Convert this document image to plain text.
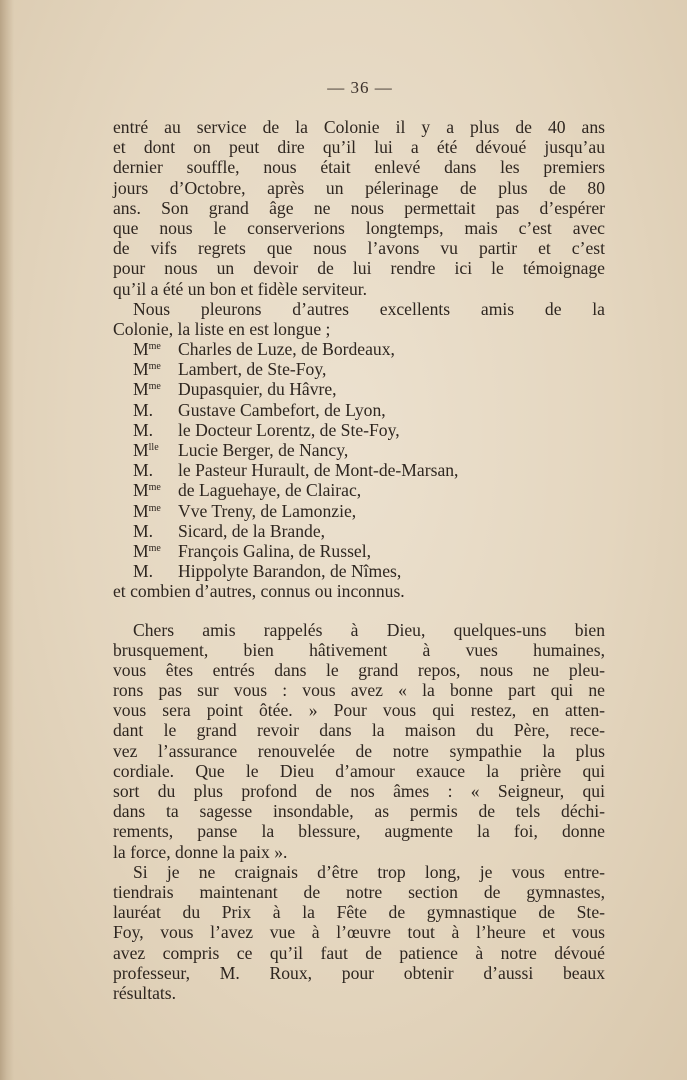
— 36 —
entré au service de la Colonie il y a plus de 40 ans
et dont on peut dire qu’il lui a été dévoué jusqu’au
dernier souffle, nous était enlevé dans les premiers
jours d’Octobre, après un pélerinage de plus de 80
ans. Son grand âge ne nous permettait pas d’espérer
que nous le conserverions longtemps, mais c’est avec
de vifs regrets que nous l’avons vu partir et c’est
pour nous un devoir de lui rendre ici le témoignage
qu’il a été un bon et fidèle serviteur.
Nous pleurons d’autres excellents amis de la
Colonie, la liste en est longue ;
$M^{me}$ Charles de Luze, de Bordeaux,
$M^{me}$ Lambert, de Ste-Foy,
$M^{me}$ Dupasquier, du Hâvre,
M. Gustave Cambefort, de Lyon,
M. le Docteur Lorentz, de Ste-Foy,
$M^{lle}$ Lucie Berger, de Nancy,
M. le Pasteur Hurault, de Mont-de-Marsan,
$M^{me}$ de Laguehaye, de Clairac,
$M^{me}$ Vve Treny, de Lamonzie,
M. Sicard, de la Brande,
$M^{me}$ François Galina, de Russel,
M. Hippolyte Barandon, de Nîmes,
et combien d’autres, connus ou inconnus.
Chers amis rappelés à Dieu, quelques-uns bien
brusquement, bien hâtivement à vues humaines,
vous êtes entrés dans le grand repos, nous ne pleu-
rons pas sur vous : vous avez « la bonne part qui ne
vous sera point ôtée. » Pour vous qui restez, en atten-
dant le grand revoir dans la maison du Père, rece-
vez l’assurance renouvelée de notre sympathie la plus
cordiale. Que le Dieu d’amour exauce la prière qui
sort du plus profond de nos âmes : « Seigneur, qui
dans ta sagesse insondable, as permis de tels déchi-
rements, panse la blessure, augmente la foi, donne
la force, donne la paix ».
Si je ne craignais d’être trop long, je vous entre-
tiendrais maintenant de notre section de gymnastes,
lauréat du Prix à la Fête de gymnastique de Ste-
Foy, vous l’avez vue à l’œuvre tout à l’heure et vous
avez compris ce qu’il faut de patience à notre dévoué
professeur, M. Roux, pour obtenir d’aussi beaux
résultats.
